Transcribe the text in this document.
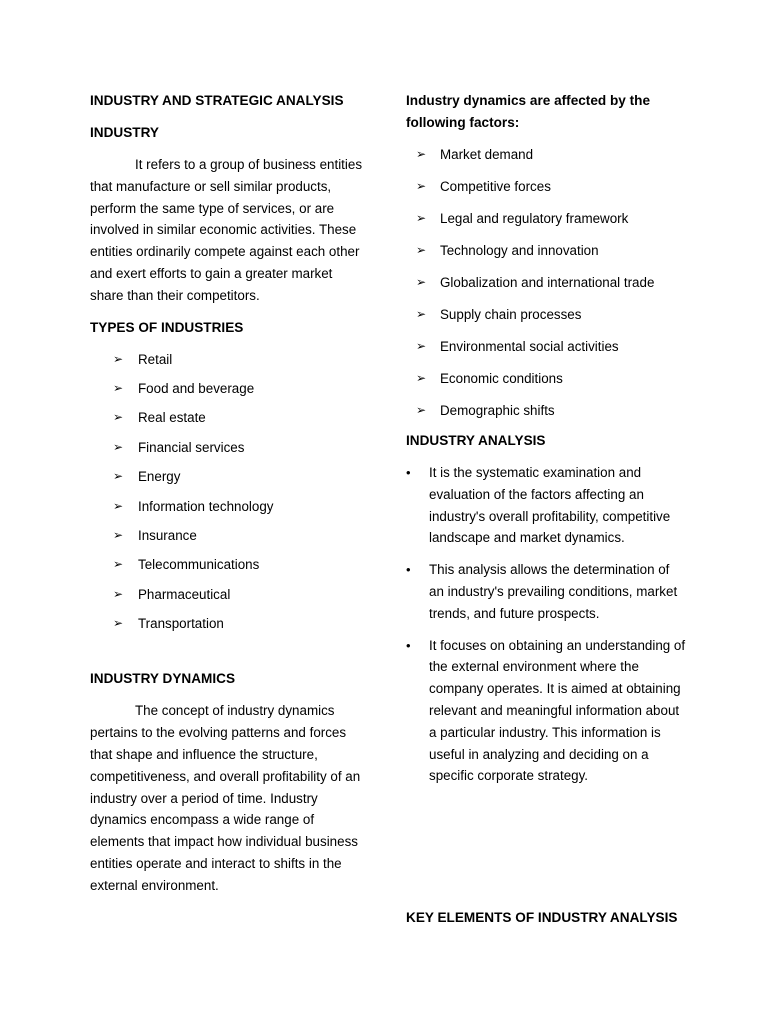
INDUSTRY AND STRATEGIC ANALYSIS
INDUSTRY

It refers to a group of business entities that manufacture or sell similar products, perform the same type of services, or are involved in similar economic activities. These entities ordinarily compete against each other and exert efforts to gain a greater market share than their competitors.

TYPES OF INDUSTRIES
➢ Retail
➢ Food and beverage
➢ Real estate
➢ Financial services
➢ Energy
➢ Information technology
➢ Insurance
➢ Telecommunications
➢ Pharmaceutical
➢ Transportation
INDUSTRY DYNAMICS

The concept of industry dynamics pertains to the evolving patterns and forces that shape and influence the structure, competitiveness, and overall profitability of an industry over a period of time. Industry dynamics encompass a wide range of elements that impact how individual business entities operate and interact to shifts in the external environment.

Industry dynamics are affected by the following factors:
➢ Market demand
➢ Competitive forces
➢ Legal and regulatory framework
➢ Technology and innovation
➢ Globalization and international trade
➢ Supply chain processes
➢ Environmental social activities
➢ Economic conditions
➢ Demographic shifts
INDUSTRY ANALYSIS
• It is the systematic examination and evaluation of the factors affecting an industry's overall profitability, competitive landscape and market dynamics.
• This analysis allows the determination of an industry's prevailing conditions, market trends, and future prospects.
• It focuses on obtaining an understanding of the external environment where the company operates. It is aimed at obtaining relevant and meaningful information about a particular industry. This information is useful in analyzing and deciding on a specific corporate strategy.
KEY ELEMENTS OF INDUSTRY ANALYSIS
